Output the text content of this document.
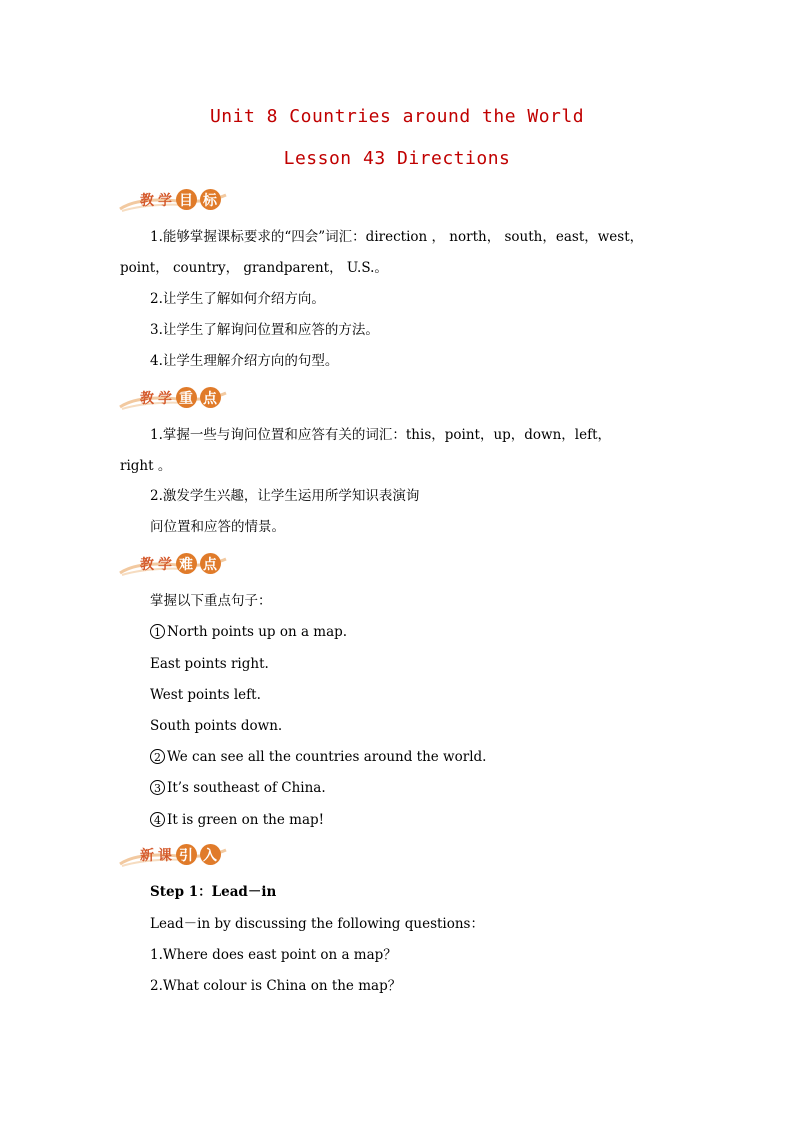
Unit 8 Countries around the World
Lesson 43 Directions
教 学 目 标
1.能够掌握课标要求的“四会”词汇：direction ， north， south，east，west，
point， country， grandparent， U.S.。
2.让学生了解如何介绍方向。
3.让学生了解询问位置和应答的方法。
4.让学生理解介绍方向的句型。
教 学 重 点
1.掌握一些与询问位置和应答有关的词汇：this，point，up，down，left，
right 。
2.激发学生兴趣，让学生运用所学知识表演询
问位置和应答的情景。
教 学 难 点
掌握以下重点句子：
1 North points up on a map.
East points right.
West points left.
South points down.
2 We can see all the countries around the world.
3 It’s southeast of China.
4 It is green on the map!
新 课 引 入
Step 1：Lead－in
Lead－in by discussing the following questions：
1.Where does east point on a map？
2.What colour is China on the map？
